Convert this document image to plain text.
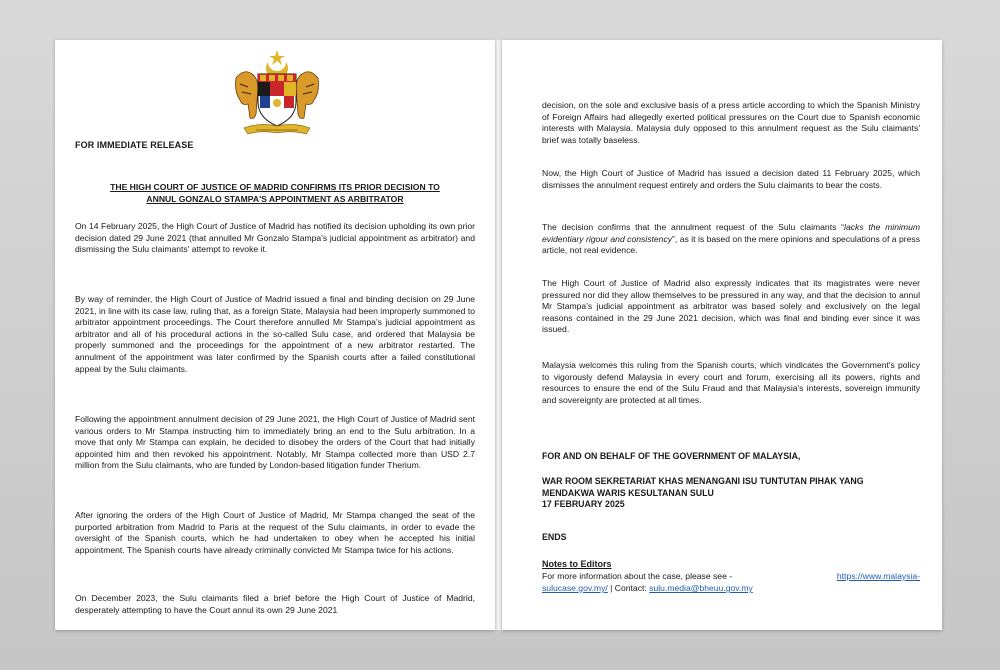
FOR IMMEDIATE RELEASE
THE HIGH COURT OF JUSTICE OF MADRID CONFIRMS ITS PRIOR DECISION TO
ANNUL GONZALO STAMPA'S APPOINTMENT AS ARBITRATOR

On 14 February 2025, the High Court of Justice of Madrid has notified its decision upholding its own prior decision dated 29 June 2021 (that annulled Mr Gonzalo Stampa's judicial appointment as arbitrator) and dismissing the Sulu claimants' attempt to revoke it.

By way of reminder, the High Court of Justice of Madrid issued a final and binding decision on 29 June 2021, in line with its case law, ruling that, as a foreign State, Malaysia had been improperly summoned to arbitrator appointment proceedings. The Court therefore annulled Mr Stampa's judicial appointment as arbitrator and all of his procedural actions in the so-called Sulu case, and ordered that Malaysia be properly summoned and the proceedings for the appointment of a new arbitrator restarted. The annulment of the appointment was later confirmed by the Spanish courts after a failed constitutional appeal by the Sulu claimants.

Following the appointment annulment decision of 29 June 2021, the High Court of Justice of Madrid sent various orders to Mr Stampa instructing him to immediately bring an end to the Sulu arbitration. In a move that only Mr Stampa can explain, he decided to disobey the orders of the Court that had initially appointed him and then revoked his appointment. Notably, Mr Stampa collected more than USD 2.7 million from the Sulu claimants, who are funded by London-based litigation funder Therium.

After ignoring the orders of the High Court of Justice of Madrid, Mr Stampa changed the seat of the purported arbitration from Madrid to Paris at the request of the Sulu claimants, in order to evade the oversight of the Spanish courts, which he had undertaken to obey when he accepted his initial appointment. The Spanish courts have already criminally convicted Mr Stampa twice for his actions.

On December 2023, the Sulu claimants filed a brief before the High Court of Justice of Madrid, desperately attempting to have the Court annul its own 29 June 2021

decision, on the sole and exclusive basis of a press article according to which the Spanish Ministry of Foreign Affairs had allegedly exerted political pressures on the Court due to Spanish economic interests with Malaysia. Malaysia duly opposed to this annulment request as the Sulu claimants' brief was totally baseless.

Now, the High Court of Justice of Madrid has issued a decision dated 11 February 2025, which dismisses the annulment request entirely and orders the Sulu claimants to bear the costs.

The decision confirms that the annulment request of the Sulu claimants “lacks the minimum evidentiary rigour and consistency”, as it is based on the mere opinions and speculations of a press article, not real evidence.

The High Court of Justice of Madrid also expressly indicates that its magistrates were never pressured nor did they allow themselves to be pressured in any way, and that the decision to annul Mr Stampa's judicial appointment as arbitrator was based solely and exclusively on the legal reasons contained in the 29 June 2021 decision, which was final and binding ever since it was issued.

Malaysia welcomes this ruling from the Spanish courts, which vindicates the Government's policy to vigorously defend Malaysia in every court and forum, exercising all its powers, rights and resources to ensure the end of the Sulu Fraud and that Malaysia's interests, sovereign immunity and sovereignty are protected at all times.

FOR AND ON BEHALF OF THE GOVERNMENT OF MALAYSIA,
WAR ROOM SEKRETARIAT KHAS MENANGANI ISU TUNTUTAN PIHAK YANG
MENDAKWA WARIS KESULTANAN SULU
17 FEBRUARY 2025
ENDS
Notes to Editors
For more information about the case, please see -	https://www.malaysia-
sulucase.gov.my/ | Contact: sulu.media@bheuu.gov.my
